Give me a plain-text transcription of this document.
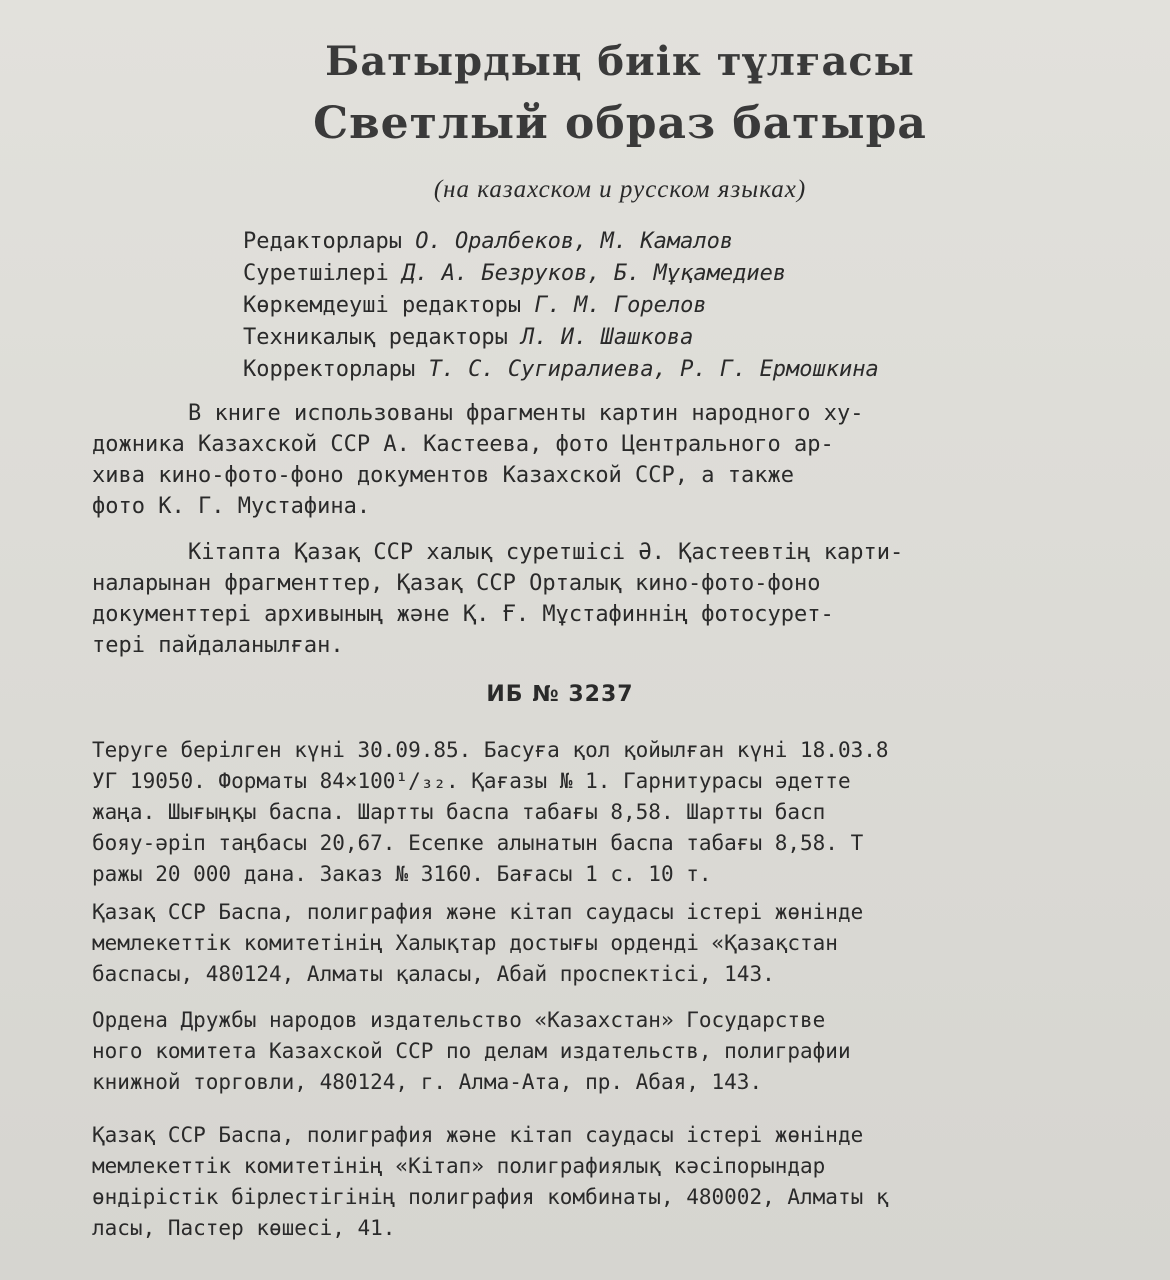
Батырдың биік тұлғасы
Светлый образ батыра
(на казахском и русском языках)
Редакторлары О. Оралбеков, М. Камалов
Суретшілері Д. А. Безруков, Б. Мұқамедиев
Көркемдеуші редакторы Г. М. Горелов
Техникалық редакторы Л. И. Шашкова
Корректорлары Т. С. Сугиралиева, Р. Г. Ермошкина

В книге использованы фрагменты картин народного ху-
дожника Казахской ССР А. Кастеева, фото Центрального ар-
хива кино-фото-фоно документов Казахской ССР, а также
фото К. Г. Мустафина.

Кітапта Қазақ ССР халық суретшісі Ә. Қастеевтің карти-
наларынан фрагменттер, Қазақ ССР Орталық кино-фото-фоно
документтері архивының және Қ. Ғ. Мұстафиннің фотосурет-
тері пайдаланылған.

ИБ № 3237

Теруге берілген күні 30.09.85. Басуға қол қойылған күні 18.03.8
УГ 19050. Форматы 84×100¹/₃₂. Қағазы № 1. Гарнитурасы әдетте
жаңа. Шығыңқы баспа. Шартты баспа табағы 8,58. Шартты басп
бояу-әріп таңбасы 20,67. Есепке алынатын баспа табағы 8,58. Т
ражы 20 000 дана. Заказ № 3160. Бағасы 1 с. 10 т.

Қазақ ССР Баспа, полиграфия және кітап саудасы істері жөнінде
мемлекеттік комитетінің Халықтар достығы орденді «Қазақстан
баспасы, 480124, Алматы қаласы, Абай проспектісі, 143.

Ордена Дружбы народов издательство «Казахстан» Государстве
ного комитета Казахской ССР по делам издательств, полиграфии
книжной торговли, 480124, г. Алма-Ата, пр. Абая, 143.

Қазақ ССР Баспа, полиграфия және кітап саудасы істері жөнінде
мемлекеттік комитетінің «Кітап» полиграфиялық кәсіпорындар
өндірістік бірлестігінің полиграфия комбинаты, 480002, Алматы қ
ласы, Пастер көшесі, 41.
